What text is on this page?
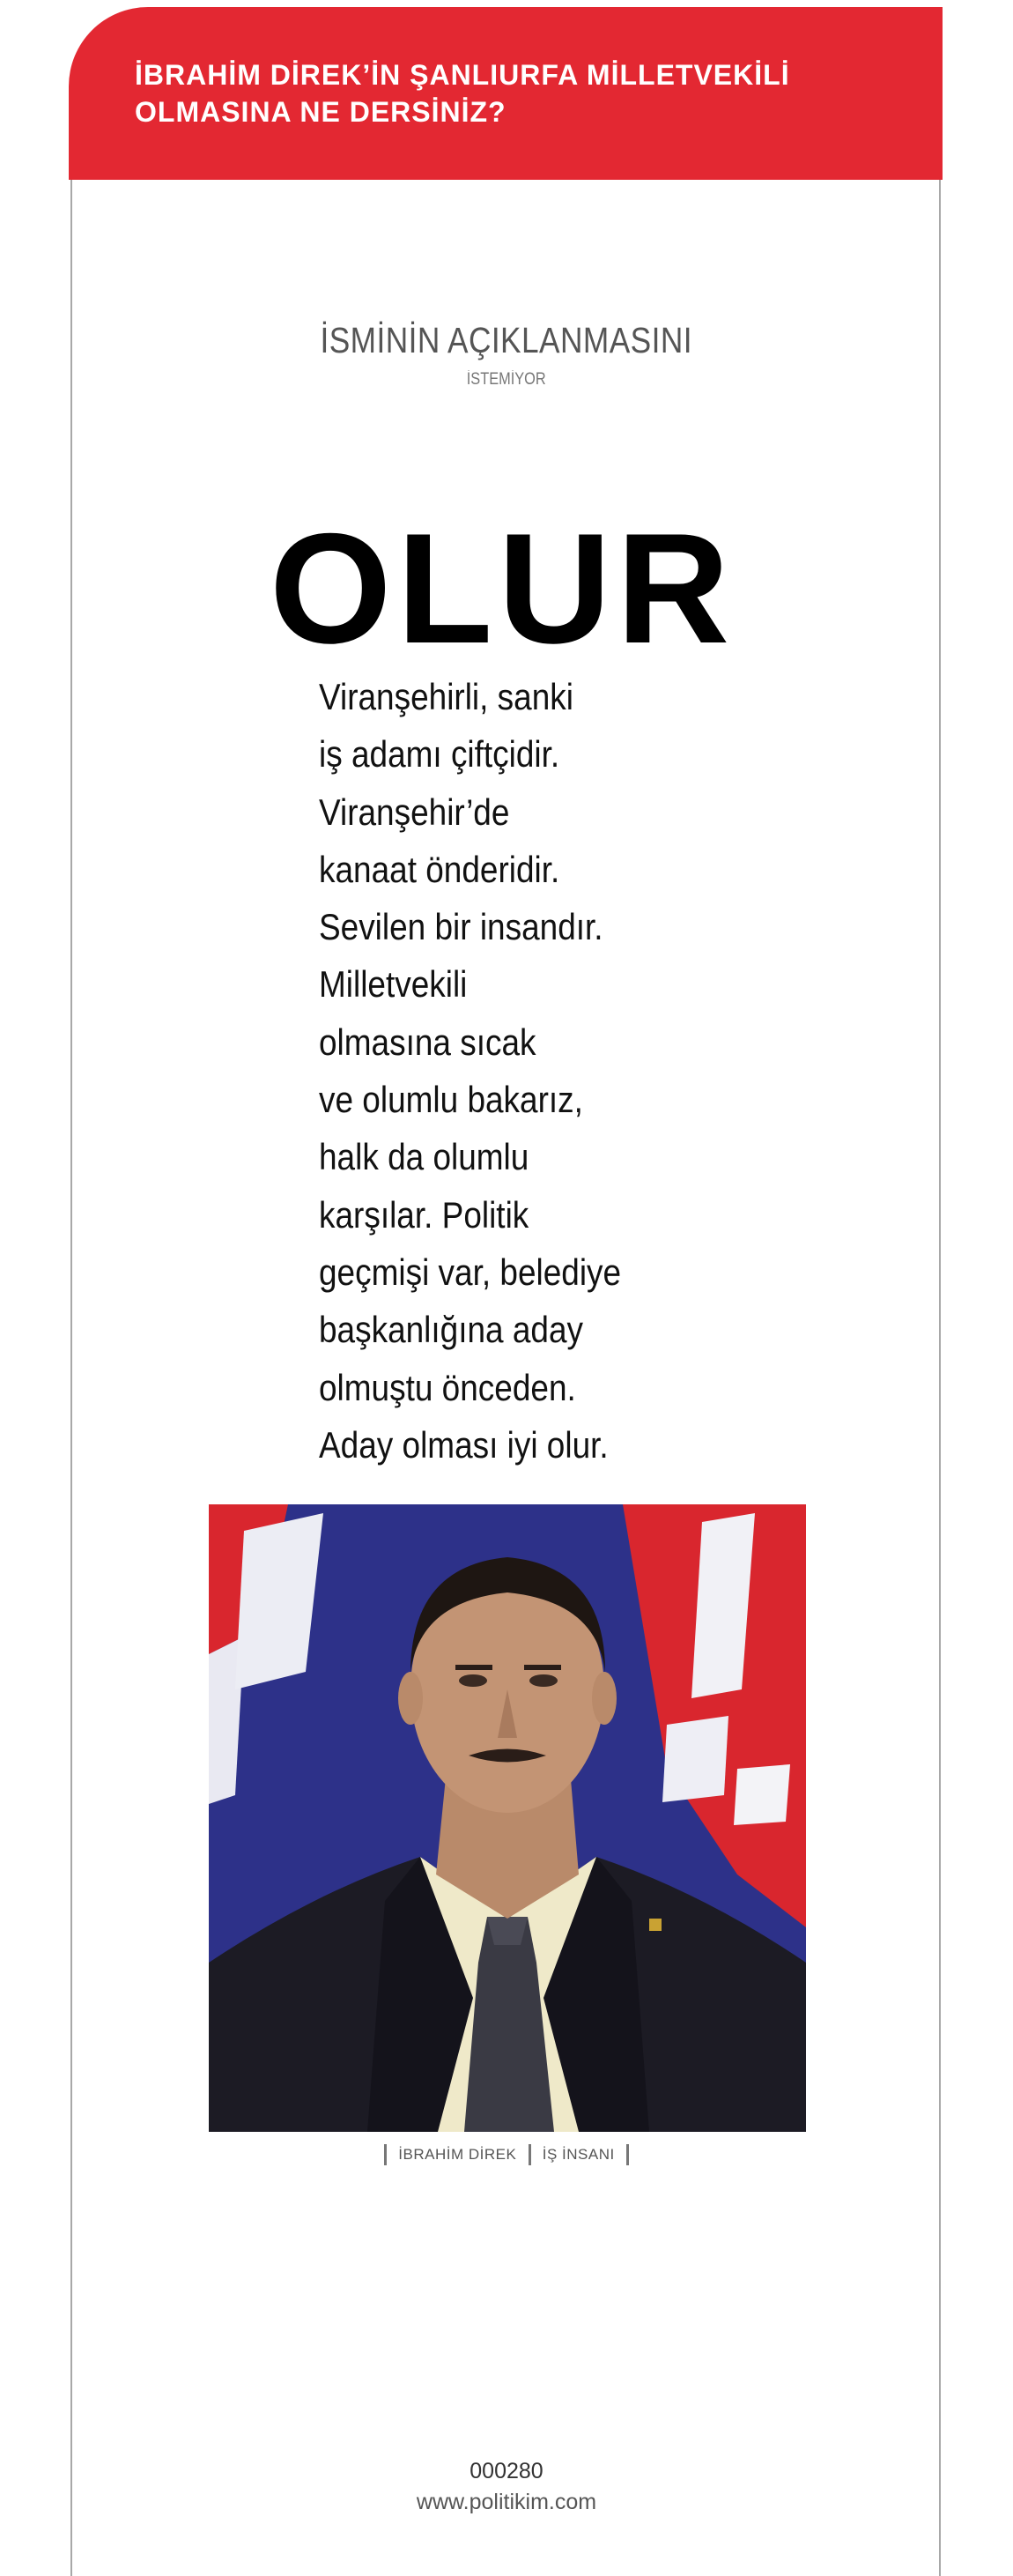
İBRAHİM DİREK’İN ŞANLIURFA MİLLETVEKİLİ
OLMASINA NE DERSİNİZ?
İSMİNİN AÇIKLANMASINI
İSTEMİYOR
OLUR
Viranşehirli, sanki
iş adamı çiftçidir.
Viranşehir’de
kanaat önderidir.
Sevilen bir insandır.
Milletvekili
olmasına sıcak
ve olumlu bakarız,
halk da olumlu
karşılar. Politik
geçmişi var, belediye
başkanlığına aday
olmuştu önceden.
Aday olması iyi olur.
İBRAHİM DİREK İŞ İNSANI
000280
www.politikim.com
